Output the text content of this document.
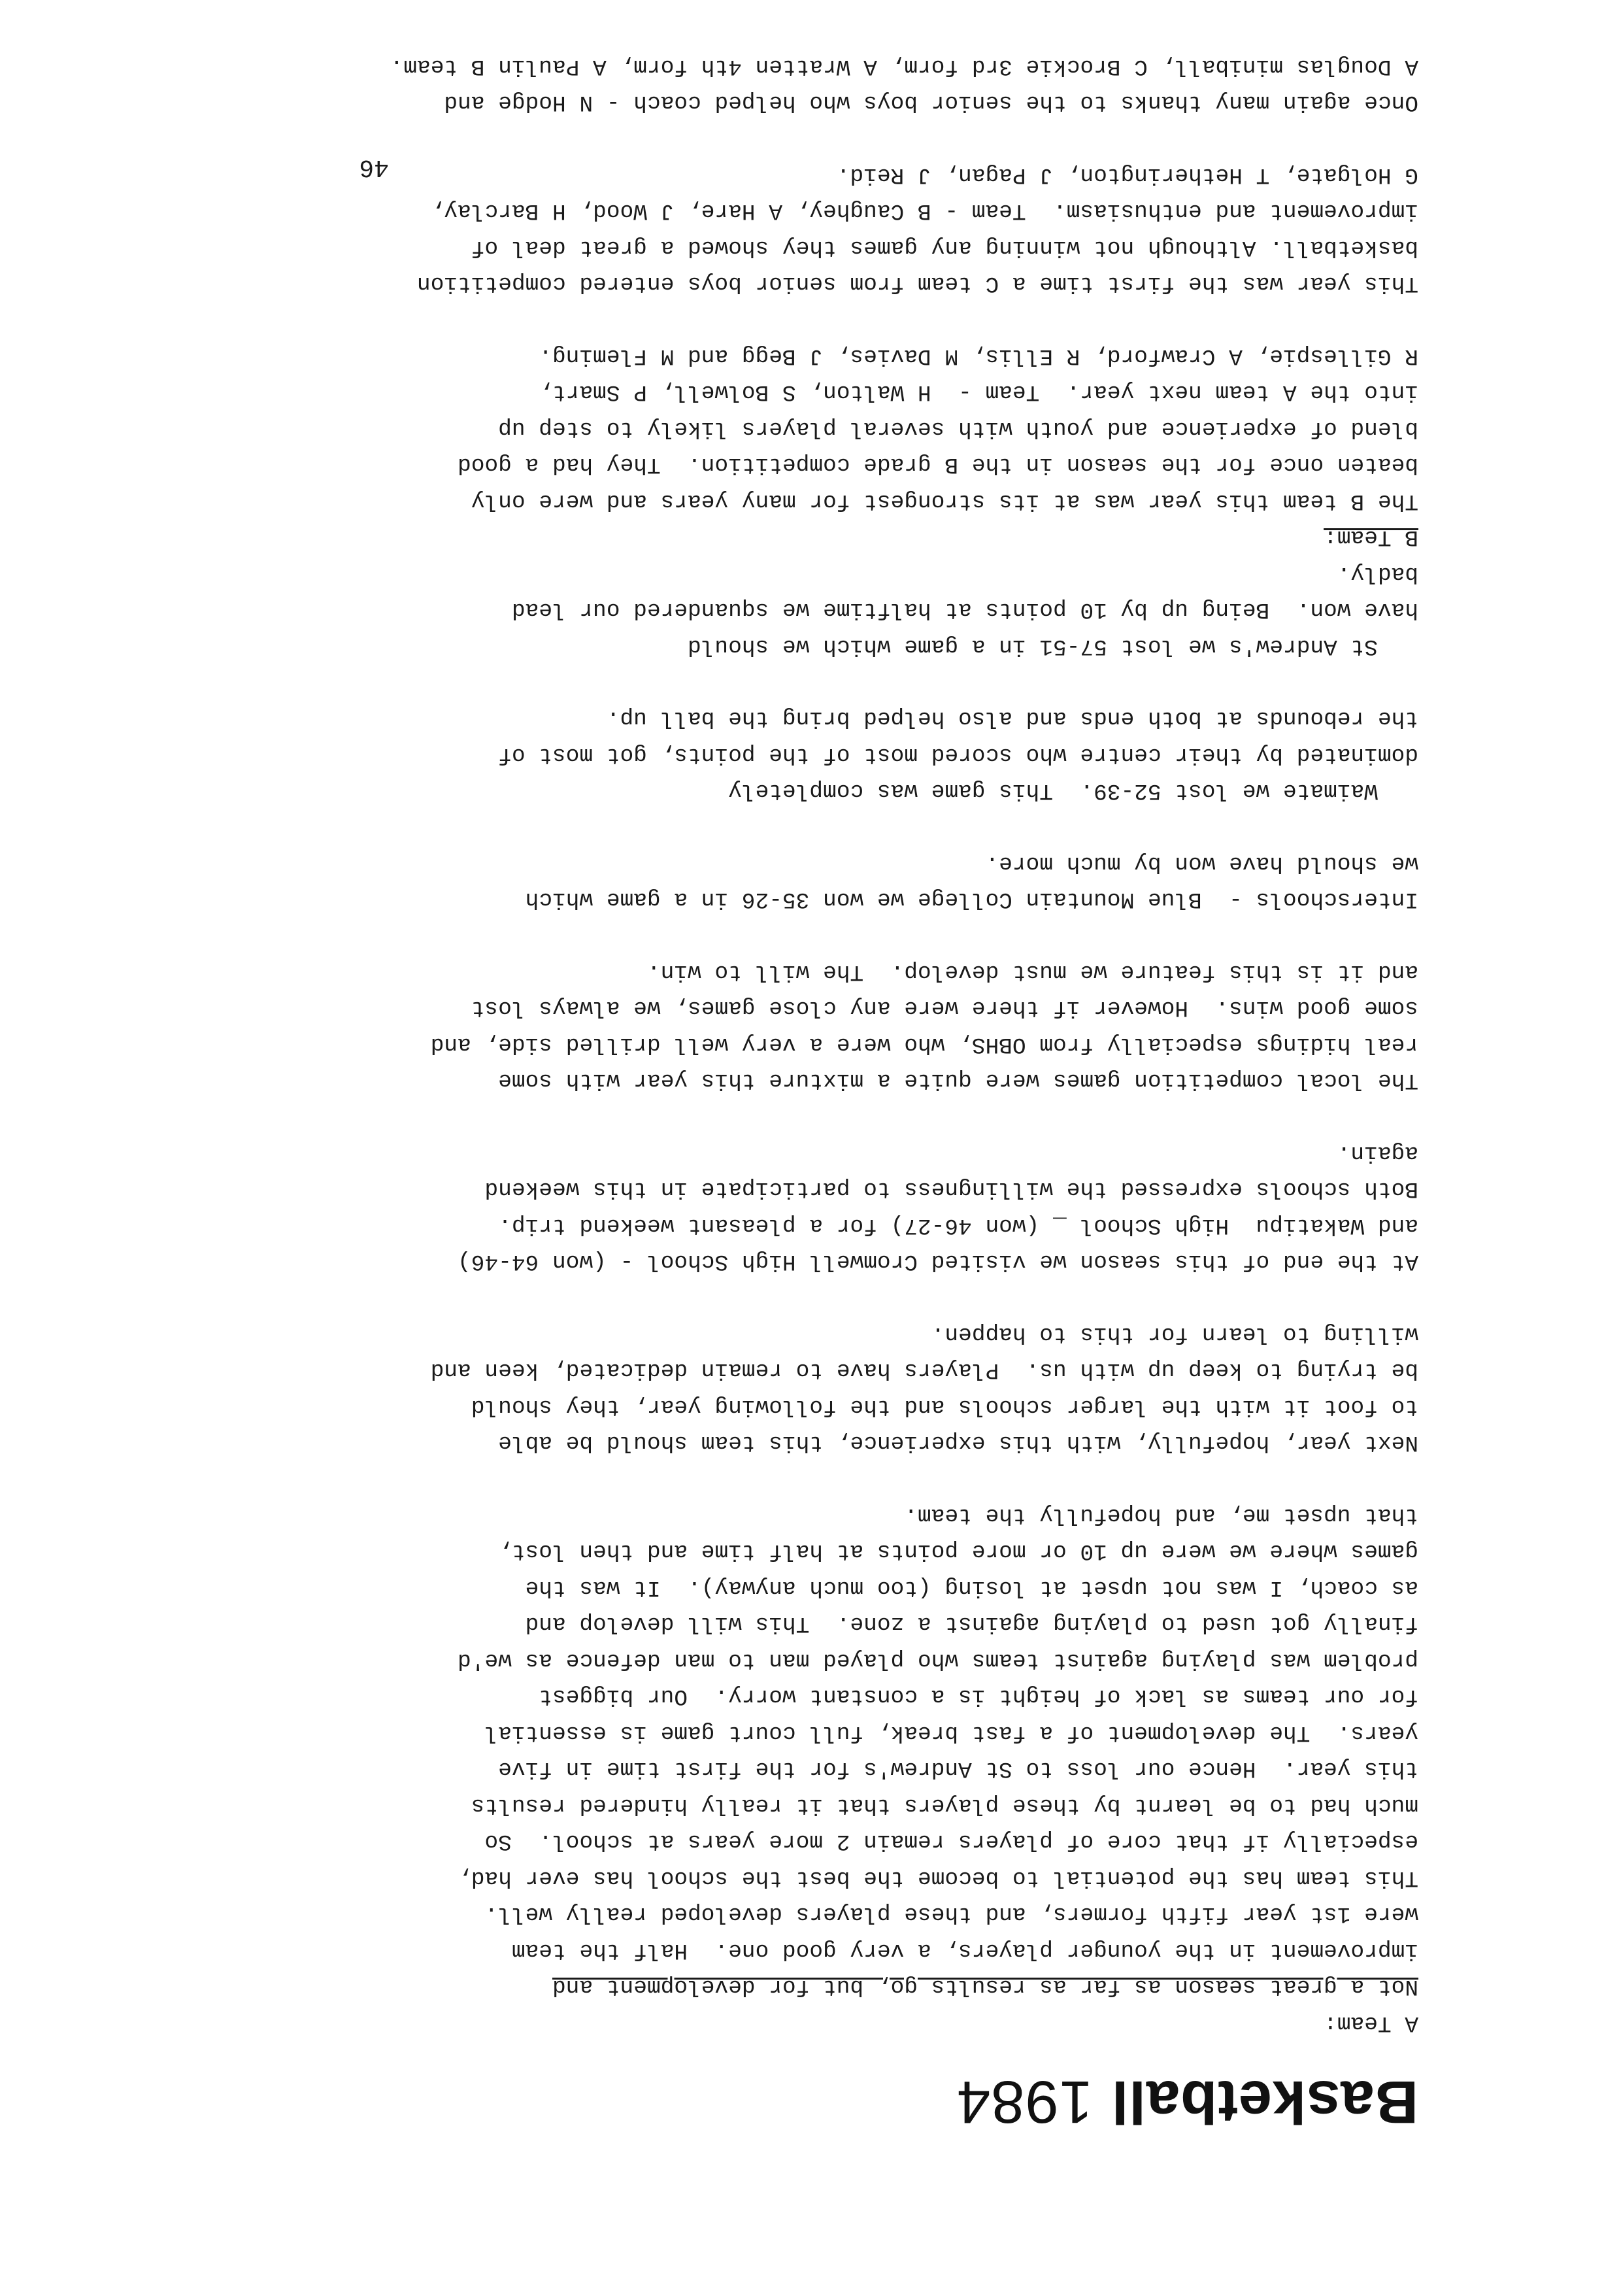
Basketball1984
A Team:
Not a great season as far as results go, but for development and
improvement in the younger players, a very good one.  Half the team
were 1st year fifth formers, and these players developed really well.
This team has the potential to become the best the school has ever had,
especially if that core of players remain 2 more years at school.  So
much had to be learnt by these players that it really hindered results
this year.  Hence our loss to St Andrew's for the first time in five
years.  The development of a fast break, full court game is essential
for our teams as lack of height is a constant worry.  Our biggest
problem was playing against teams who played man to man defence as we'd
finally got used to playing against a zone.  This will develop and
as coach, I was not upset at losing (too much anyway).  It was the
games where we were up 10 or more points at half time and then lost,
that upset me, and hopefully the team.
Next year, hopefully, with this experience, this team should be able
to foot it with the larger schools and the following year, they should
be trying to keep up with us.  Players have to remain dedicated, keen and
willing to learn for this to happen.
At the end of this season we visited Cromwell High School - (won 64-46)
and Wakatipu  High School _ (won 46-27) for a pleasant weekend trip.
Both schools expressed the willingness to participate in this weekend
again.
The local competition games were quite a mixture this year with some
real hidings especially from OBHS, who were a very well drilled side, and
some good wins.  However if there were any close games, we always lost
and it is this feature we must develop.  The will to win.
Interschools -  Blue Mountain College we won 35-26 in a game which
we should have won by much more.
Waimate we lost 52-39.  This game was completely
dominated by their centre who scored most of the points, got most of
the rebounds at both ends and also helped bring the ball up.
St Andrew's we lost 57-51 in a game which we should
have won.  Being up by 10 points at halftime we squandered our lead
badly.
B Team:
The B team this year was at its strongest for many years and were only
beaten once for the season in the B grade competition.  They had a good
blend of experience and youth with several players likely to step up
into the A team next year.  Team -  H Walton, S Bolwell, P Smart,
R Gillespie, A Crawford, R Ellis, M Davies, J Begg and M Fleming.
This year was the first time a C team from senior boys entered competition
basketball. Although not winning any games they showed a great deal of
improvement and enthusiasm.  Team - B Caughey, A Hare, J Wood, H Barclay,
G Holgate, T Hetherington, J Pagan, J Reid.
Once again many thanks to the senior boys who helped coach - N Hodge and
A Douglas miniball, C Brockie 3rd form, A Wratten 4th form, A Paulin B team.
46
